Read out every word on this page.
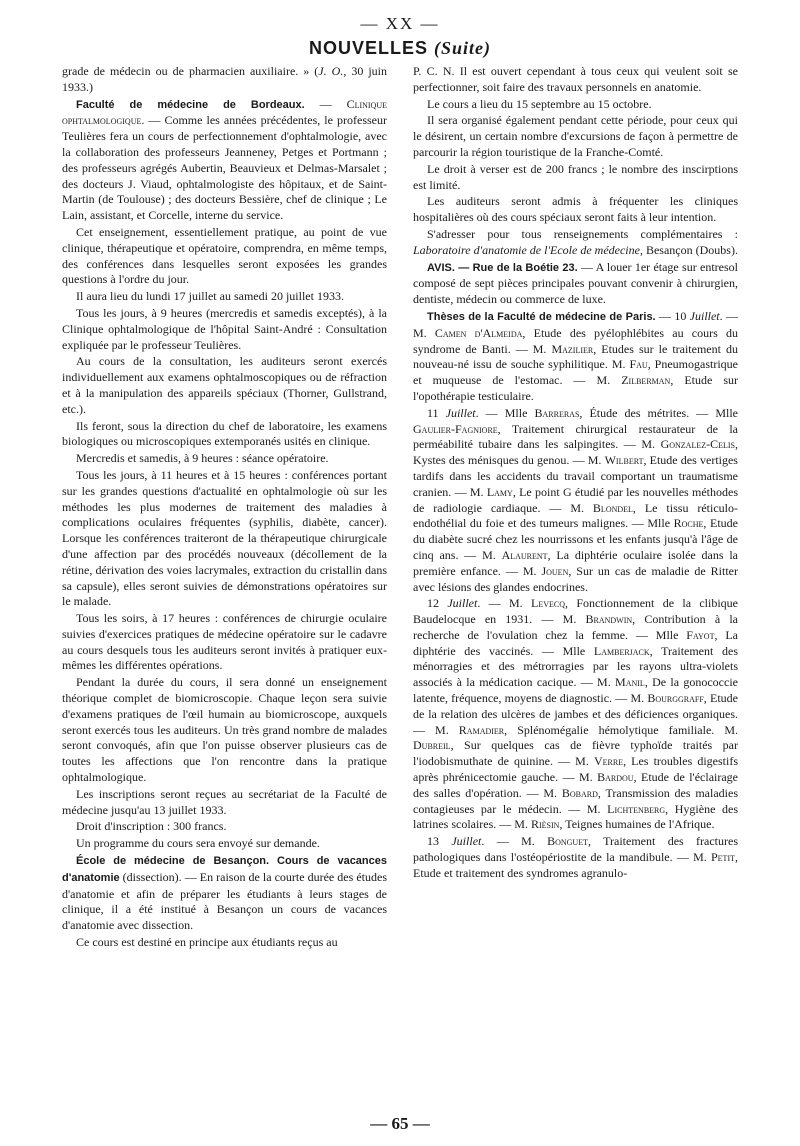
— XX —
NOUVELLES (Suite)

grade de médecin ou de pharmacien auxiliaire. » (J. O., 30 juin 1933.)

Faculté de médecine de Bordeaux. — Clinique ophtalmologique. — Comme les années précédentes, le professeur Teulières fera un cours de perfectionnement d'ophtalmologie, avec la collaboration des professeurs Jeanneney, Petges et Portmann ; des professeurs agrégés Aubertin, Beauvieux et Delmas-Marsalet ; des docteurs J. Viaud, ophtalmologiste des hôpitaux, et de Saint-Martin (de Toulouse) ; des docteurs Bessière, chef de clinique ; Le Lain, assistant, et Corcelle, interne du service.

Cet enseignement, essentiellement pratique, au point de vue clinique, thérapeutique et opératoire, comprendra, en même temps, des conférences dans lesquelles seront exposées les grandes questions à l'ordre du jour.

Il aura lieu du lundi 17 juillet au samedi 20 juillet 1933.

Tous les jours, à 9 heures (mercredis et samedis exceptés), à la Clinique ophtalmologique de l'hôpital Saint-André : Consultation expliquée par le professeur Teulières.

Au cours de la consultation, les auditeurs seront exercés individuellement aux examens ophtalmoscopiques ou de réfraction et à la manipulation des appareils spéciaux (Thorner, Gullstrand, etc.).

Ils feront, sous la direction du chef de laboratoire, les examens biologiques ou microscopiques extemporanés usités en clinique.

Mercredis et samedis, à 9 heures : séance opératoire.

Tous les jours, à 11 heures et à 15 heures : conférences portant sur les grandes questions d'actualité en ophtalmologie où sur les méthodes les plus modernes de traitement des maladies à complications oculaires fréquentes (syphilis, diabète, cancer). Lorsque les conférences traiteront de la thérapeutique chirurgicale d'une affection par des procédés nouveaux (décollement de la rétine, dérivation des voies lacrymales, extraction du cristallin dans sa capsule), elles seront suivies de démonstrations opératoires sur le malade.

Tous les soirs, à 17 heures : conférences de chirurgie oculaire suivies d'exercices pratiques de médecine opératoire sur le cadavre au cours desquels tous les auditeurs seront invités à pratiquer eux-mêmes les différentes opérations.

Pendant la durée du cours, il sera donné un enseignement théorique complet de biomicroscopie. Chaque leçon sera suivie d'examens pratiques de l'œil humain au biomicroscope, auxquels seront exercés tous les auditeurs. Un très grand nombre de malades seront convoqués, afin que l'on puisse observer plusieurs cas de toutes les affections que l'on rencontre dans la pratique ophtalmologique.

Les inscriptions seront reçues au secrétariat de la Faculté de médecine jusqu'au 13 juillet 1933.

Droit d'inscription : 300 francs.

Un programme du cours sera envoyé sur demande.

École de médecine de Besançon. Cours de vacances d'anatomie (dissection). — En raison de la courte durée des études d'anatomie et afin de préparer les étudiants à leurs stages de clinique, il a été institué à Besançon un cours de vacances d'anatomie avec dissection.

Ce cours est destiné en principe aux étudiants reçus au

P. C. N. Il est ouvert cependant à tous ceux qui veulent soit se perfectionner, soit faire des travaux personnels en anatomie.

Le cours a lieu du 15 septembre au 15 octobre.

Il sera organisé également pendant cette période, pour ceux qui le désirent, un certain nombre d'excursions de façon à permettre de parcourir la région touristique de la Franche-Comté.

Le droit à verser est de 200 francs ; le nombre des inscirptions est limité.

Les auditeurs seront admis à fréquenter les cliniques hospitalières où des cours spéciaux seront faits à leur intention.

S'adresser pour tous renseignements complémentaires : Laboratoire d'anatomie de l'Ecole de médecine, Besançon (Doubs).

AVIS. — Rue de la Boétie 23. — A louer 1er étage sur entresol composé de sept pièces principales pouvant convenir à chirurgien, dentiste, médecin ou commerce de luxe.

Thèses de la Faculté de médecine de Paris. — 10 Juillet. — M. Camen d'Almeida, Etude des pyélophlébites au cours du syndrome de Banti. — M. Mazilier, Etudes sur le traitement du nouveau-né issu de souche syphilitique. M. Fau, Pneumogastrique et muqueuse de l'estomac. — M. Zilberman, Etude sur l'opothérapie testiculaire.

11 Juillet. — Mlle Barreras, Étude des métrites. — Mlle Gaulier-Fagniore, Traitement chirurgical restaurateur de la perméabilité tubaire dans les salpingites. — M. Gonzalez-Celis, Kystes des ménisques du genou. — M. Wilbert, Etude des vertiges tardifs dans les accidents du travail comportant un traumatisme cranien. — M. Lamy, Le point G étudié par les nouvelles méthodes de radiologie cardiaque. — M. Blondel, Le tissu réticulo-endothélial du foie et des tumeurs malignes. — Mlle Roche, Etude du diabète sucré chez les nourrissons et les enfants jusqu'à l'âge de cinq ans. — M. Alaurent, La diphtérie oculaire isolée dans la première enfance. — M. Jouen, Sur un cas de maladie de Ritter avec lésions des glandes endocrines.

12 Juillet. — M. Levecq, Fonctionnement de la clibique Baudelocque en 1931. — M. Brandwin, Contribution à la recherche de l'ovulation chez la femme. — Mlle Fayot, La diphtérie des vaccinés. — Mlle Lamberjack, Traitement des ménorragies et des métrorragies par les rayons ultra-violets associés à la médication cacique. — M. Manil, De la gonococcie latente, fréquence, moyens de diagnostic. — M. Bourggraff, Etude de la relation des ulcères de jambes et des déficiences organiques. — M. Ramadier, Splénomégalie hémolytique familiale. M. Dubreil, Sur quelques cas de fièvre typhoïde traités par l'iodobismuthate de quinine. — M. Verre, Les troubles digestifs après phrénicectomie gauche. — M. Bardou, Etude de l'éclairage des salles d'opération. — M. Bobard, Transmission des maladies contagieuses par le médecin. — M. Lichtenberg, Hygiène des latrines scolaires. — M. Rièsin, Teignes humaines de l'Afrique.

13 Juillet. — M. Bonguet, Traitement des fractures pathologiques dans l'ostéopériostite de la mandibule. — M. Petit, Etude et traitement des syndromes agranulo-

— 65 —
